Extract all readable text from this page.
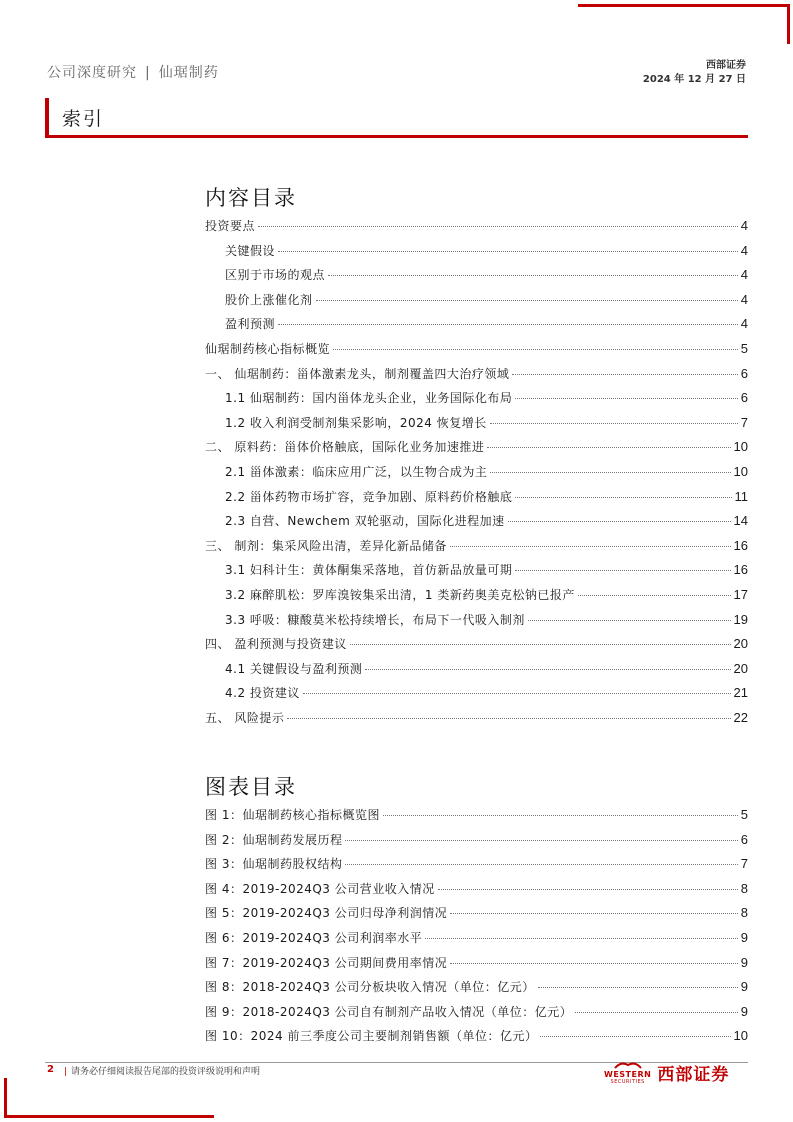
公司深度研究 | 仙琚制药	西部证券
2024 年 12 月 27 日
索引
内容目录
投资要点	4
关键假设	4
区别于市场的观点	4
股价上涨催化剂	4
盈利预测	4
仙琚制药核心指标概览	5
一、 仙琚制药：甾体激素龙头，制剂覆盖四大治疗领域	6
1.1 仙琚制药：国内甾体龙头企业，业务国际化布局	6
1.2 收入利润受制剂集采影响，2024 恢复增长	7
二、 原料药：甾体价格触底，国际化业务加速推进	10
2.1 甾体激素：临床应用广泛，以生物合成为主	10
2.2 甾体药物市场扩容，竞争加剧、原料药价格触底	11
2.3 自营、Newchem 双轮驱动，国际化进程加速	14
三、 制剂：集采风险出清，差异化新品储备	16
3.1 妇科计生：黄体酮集采落地，首仿新品放量可期	16
3.2 麻醉肌松：罗库溴铵集采出清，1 类新药奥美克松钠已报产	17
3.3 呼吸：糠酸莫米松持续增长，布局下一代吸入制剂	19
四、 盈利预测与投资建议	20
4.1 关键假设与盈利预测	20
4.2 投资建议	21
五、 风险提示	22
图表目录
图 1：仙琚制药核心指标概览图	5
图 2：仙琚制药发展历程	6
图 3：仙琚制药股权结构	7
图 4：2019-2024Q3 公司营业收入情况	8
图 5：2019-2024Q3 公司归母净利润情况	8
图 6：2019-2024Q3 公司利润率水平	9
图 7：2019-2024Q3 公司期间费用率情况	9
图 8：2018-2024Q3 公司分板块收入情况（单位：亿元）	9
图 9：2018-2024Q3 公司自有制剂产品收入情况（单位：亿元）	9
图 10：2024 前三季度公司主要制剂销售额（单位：亿元）	10
2 | 请务必仔细阅读报告尾部的投资评级说明和声明	WESTERN
SECURITIES 西部证券
